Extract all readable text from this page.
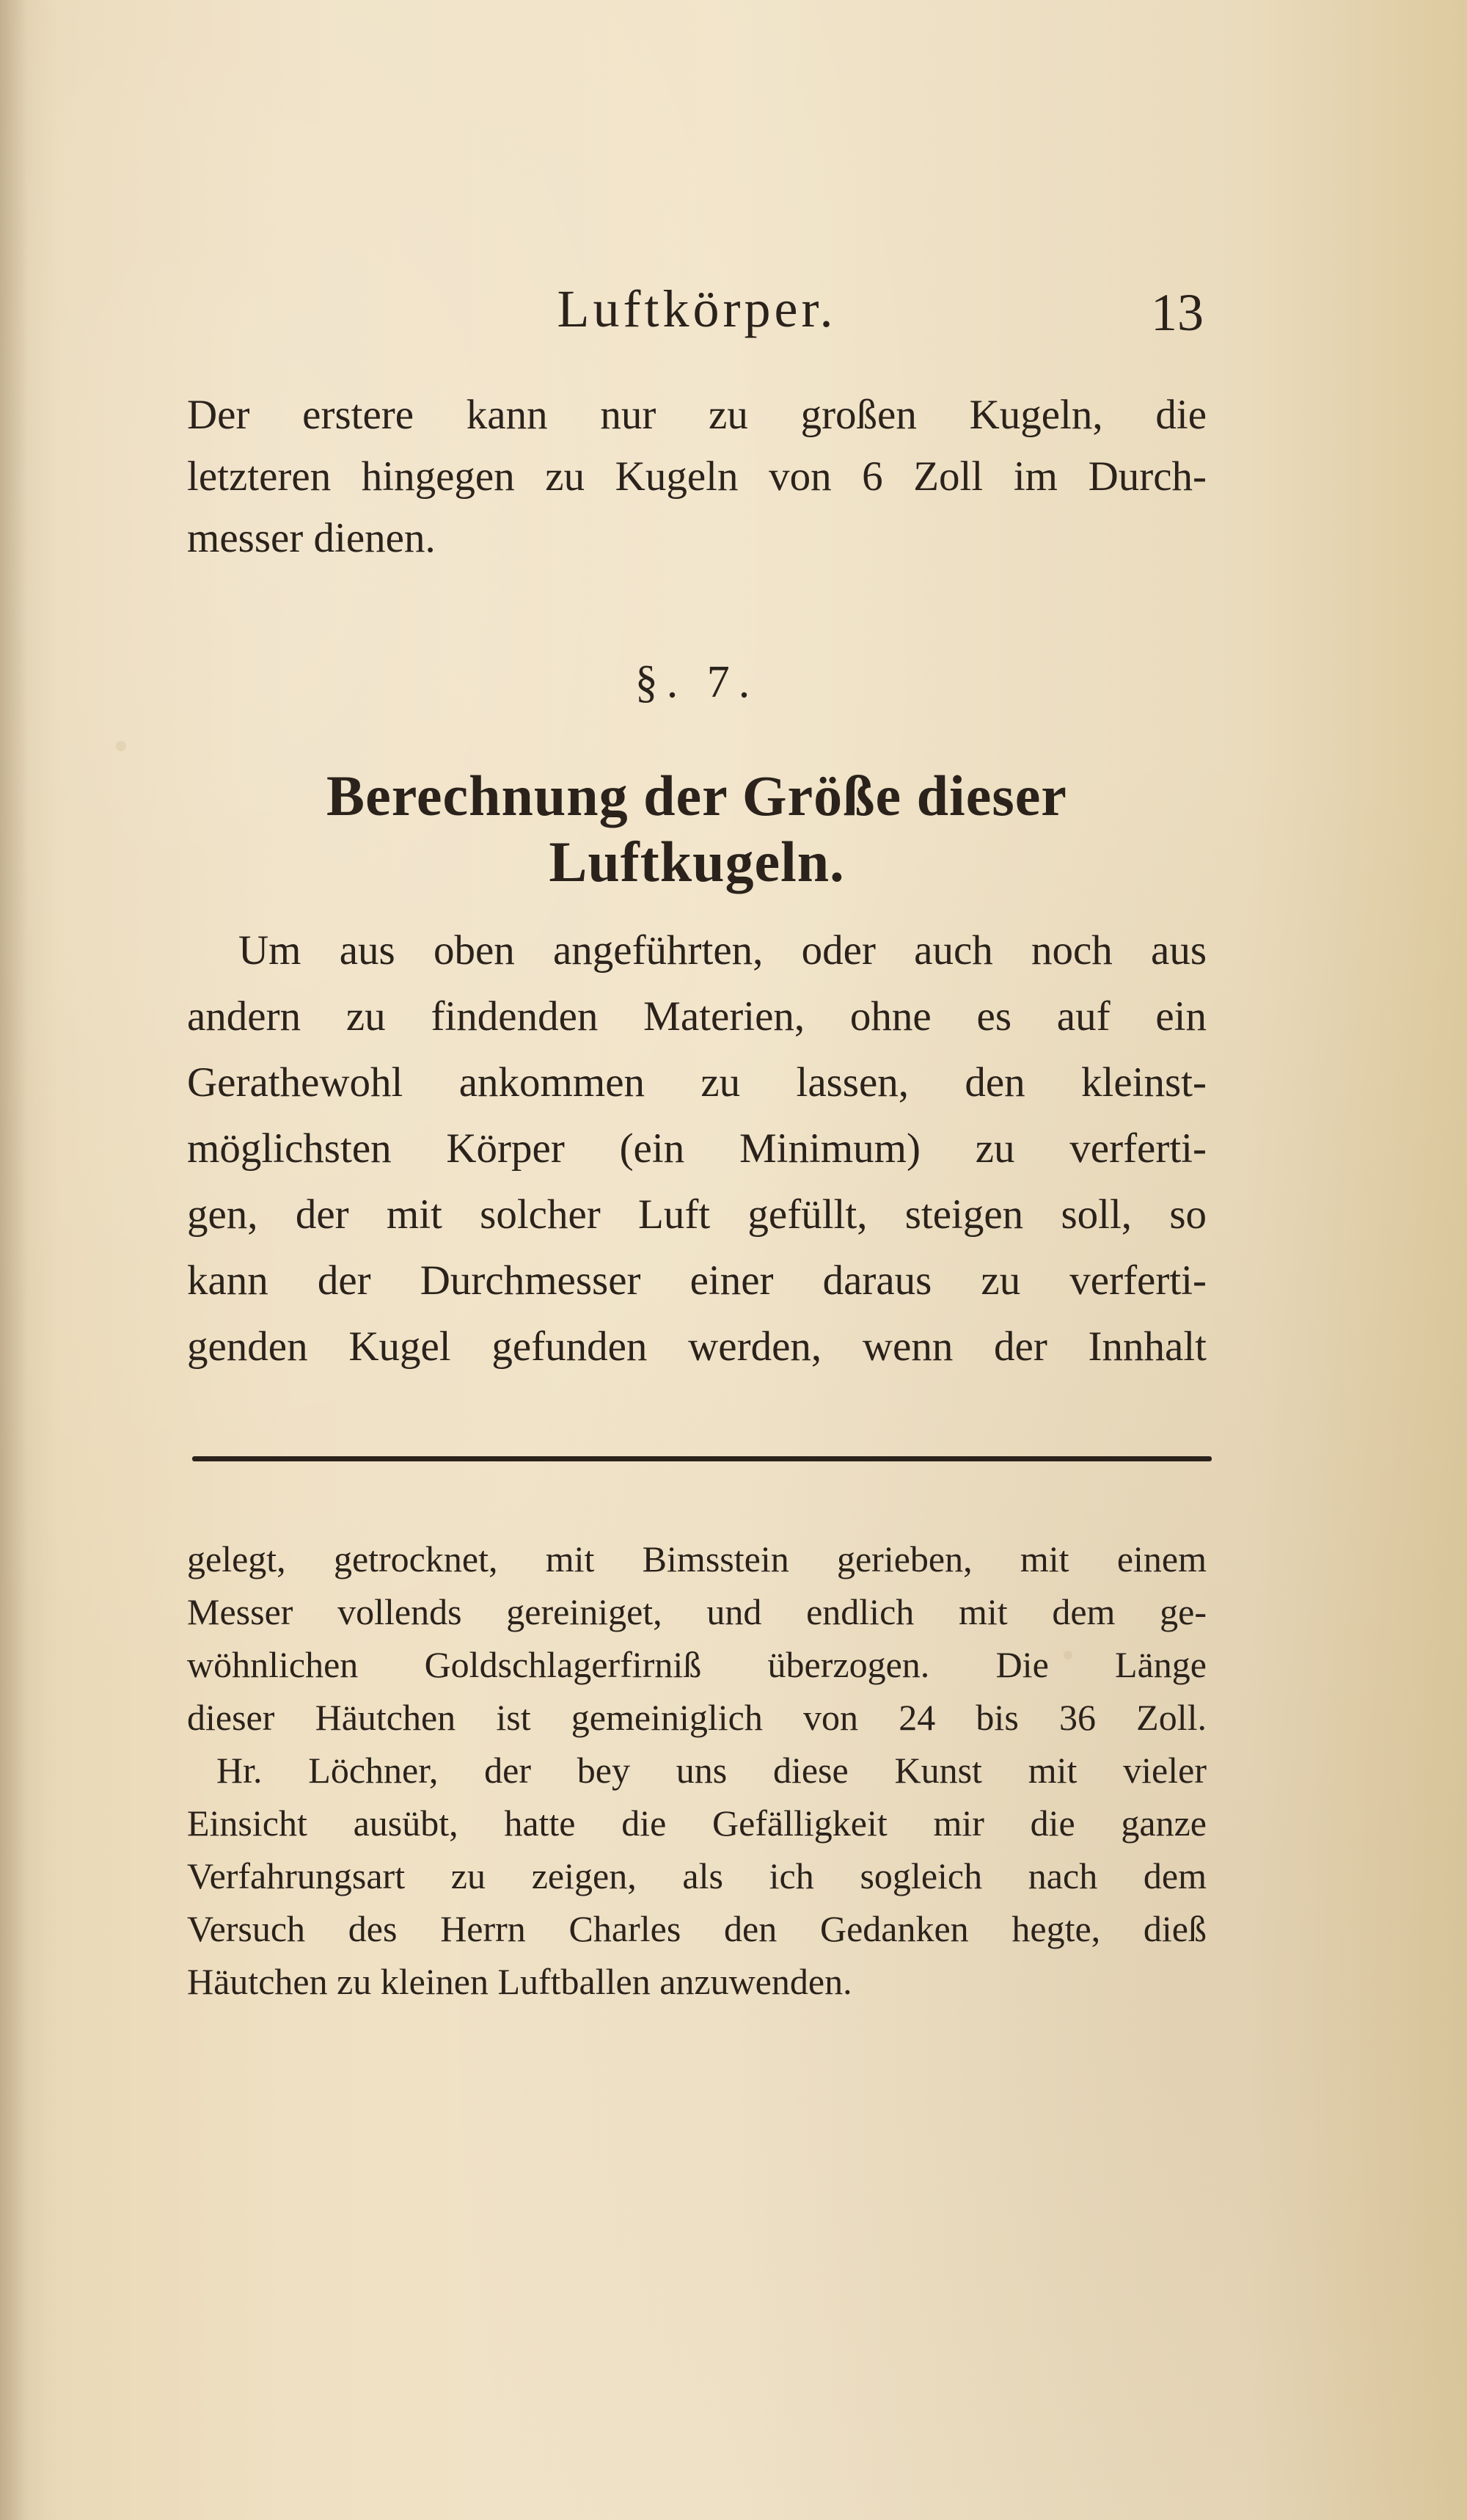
Luftkörper.	13
Der erstere kann nur zu großen Kugeln, die
letzteren hingegen zu Kugeln von 6 Zoll im Durch-
messer dienen.
§. 7.
Berechnung der Größe dieser Luftkugeln.
Um aus oben angeführten, oder auch noch aus
andern zu findenden Materien, ohne es auf ein
Gerathewohl ankommen zu lassen, den kleinst-
möglichsten Körper (ein Minimum) zu verferti-
gen, der mit solcher Luft gefüllt, steigen soll, so
kann der Durchmesser einer daraus zu verferti-
genden Kugel gefunden werden, wenn der Innhalt
gelegt, getrocknet, mit Bimsstein gerieben, mit einem
Messer vollends gereiniget, und endlich mit dem ge-
wöhnlichen Goldschlagerfirniß überzogen. Die Länge
dieser Häutchen ist gemeiniglich von 24 bis 36 Zoll.
Hr. Löchner, der bey uns diese Kunst mit vieler
Einsicht ausübt, hatte die Gefälligkeit mir die ganze
Verfahrungsart zu zeigen, als ich sogleich nach dem
Versuch des Herrn Charles den Gedanken hegte, dieß
Häutchen zu kleinen Luftballen anzuwenden.
